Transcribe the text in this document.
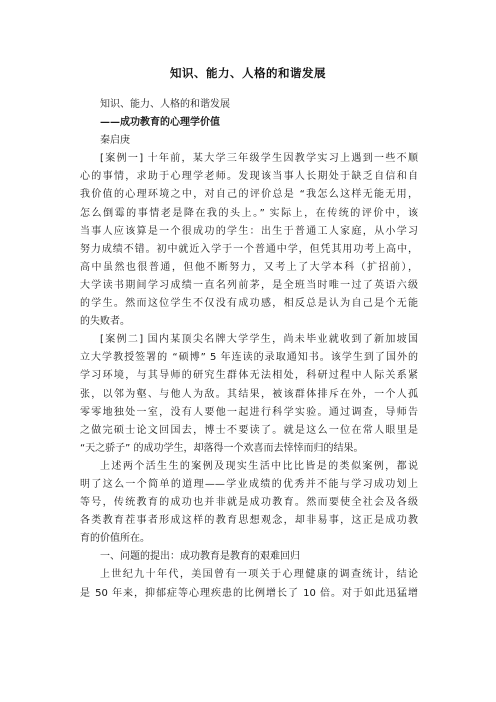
知识、能力、人格的和谐发展
知识、能力、人格的和谐发展
——成功教育的心理学价值
秦启庚
[案例一] 十年前，某大学三年级学生因教学实习上遇到一些不顺
心的事情，求助于心理学老师。发现该当事人长期处于缺乏自信和自
我价值的心理环境之中，对自己的评价总是 “我怎么这样无能无用，
怎么倒霉的事情老是降在我的头上。” 实际上，在传统的评价中，该
当事人应该算是一个很成功的学生：出生于普通工人家庭，从小学习
努力成绩不错。初中就近入学于一个普通中学，但凭其用功考上高中，
高中虽然也很普通，但他不断努力，又考上了大学本科（扩招前），
大学读书期间学习成绩一直名列前茅，是全班当时唯一过了英语六级
的学生。然而这位学生不仅没有成功感，相反总是认为自己是个无能
的失败者。
[案例二] 国内某顶尖名牌大学学生，尚未毕业就收到了新加坡国
立大学教授签署的 “硕博” 5 年连读的录取通知书。该学生到了国外的
学习环境，与其导师的研究生群体无法相处，科研过程中人际关系紧
张，以邻为壑、与他人为敌。其结果，被该群体排斥在外，一个人孤
零零地独处一室，没有人要他一起进行科学实验。通过调查，导师告
之做完硕士论文回国去，博士不要读了。就是这么一位在常人眼里是
“天之骄子” 的成功学生，却落得一个欢喜而去悻悻而归的结果。
上述两个活生生的案例及现实生活中比比皆是的类似案例，都说
明了这么一个简单的道理——学业成绩的优秀并不能与学习成功划上
等号，传统教育的成功也并非就是成功教育。然而要使全社会及各级
各类教育茬事者形成这样的教育思想观念，却非易事，这正是成功教
育的价值所在。
一、问题的提出：成功教育是教育的艰难回归
上世纪九十年代，美国曾有一项关于心理健康的调查统计，结论
是 50 年来，抑郁症等心理疾患的比例增长了 10 倍。对于如此迅猛增
